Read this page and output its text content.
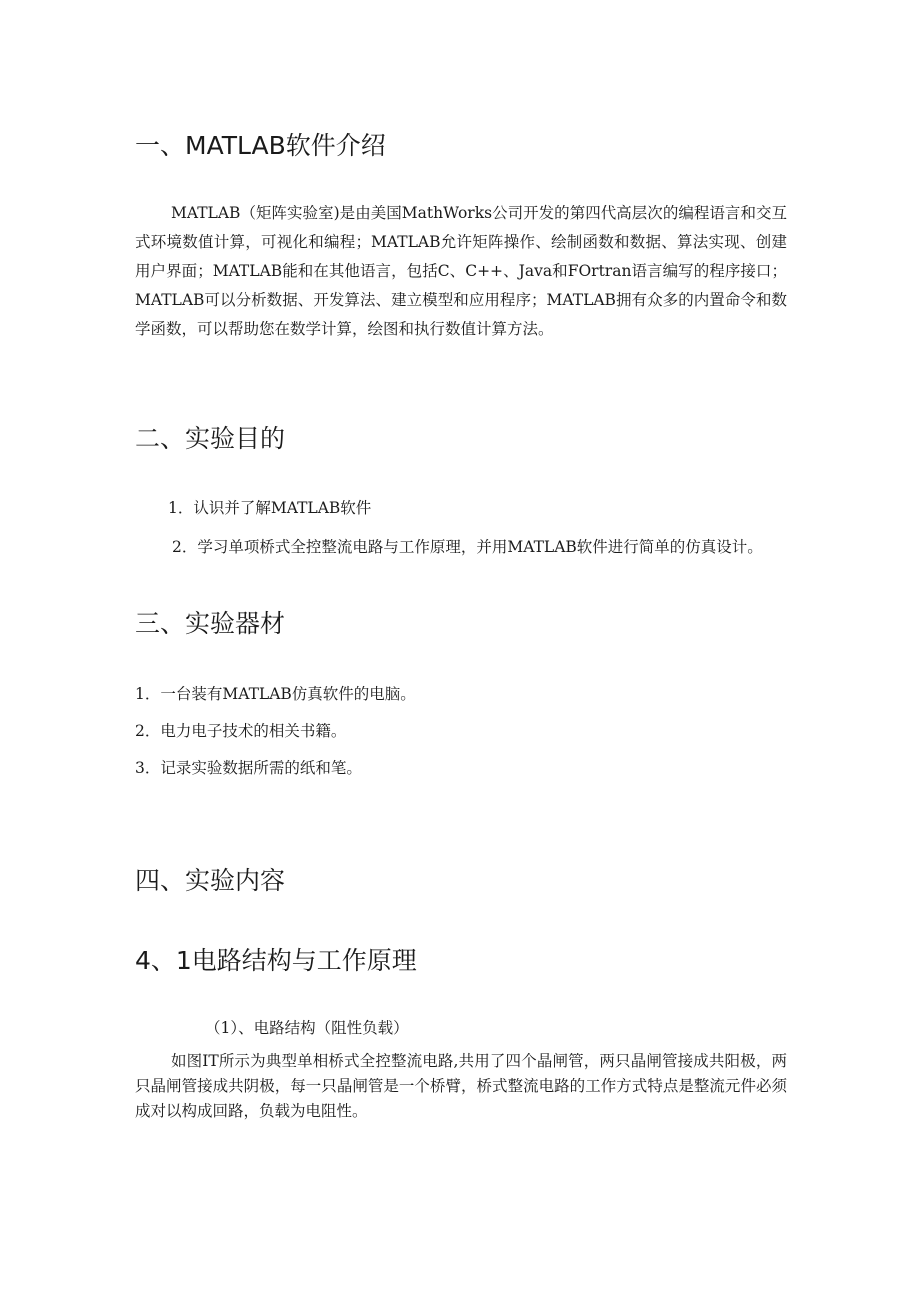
一、MATLAB软件介绍

MATLAB（矩阵实验室)是由美国MathWorks公司开发的第四代高层次的编程语言和交互式环境数值计算，可视化和编程；MATLAB允许矩阵操作、绘制函数和数据、算法实现、创建用户界面；MATLAB能和在其他语言，包括C、C++、Java和FOrtran语言编写的程序接口；MATLAB可以分析数据、开发算法、建立模型和应用程序；MATLAB拥有众多的内置命令和数学函数，可以帮助您在数学计算，绘图和执行数值计算方法。

二、实验目的

1．认识并了解MATLAB软件

2．学习单项桥式全控整流电路与工作原理，并用MATLAB软件进行简单的仿真设计。

三、实验器材

1．一台装有MATLAB仿真软件的电脑。

2．电力电子技术的相关书籍。

3．记录实验数据所需的纸和笔。

四、实验内容
4、1电路结构与工作原理

（1）、电路结构（阻性负载）

如图IT所示为典型单相桥式全控整流电路,共用了四个晶闸管，两只晶闸管接成共阳极，两只晶闸管接成共阴极，每一只晶闸管是一个桥臂，桥式整流电路的工作方式特点是整流元件必须成对以构成回路，负载为电阻性。
